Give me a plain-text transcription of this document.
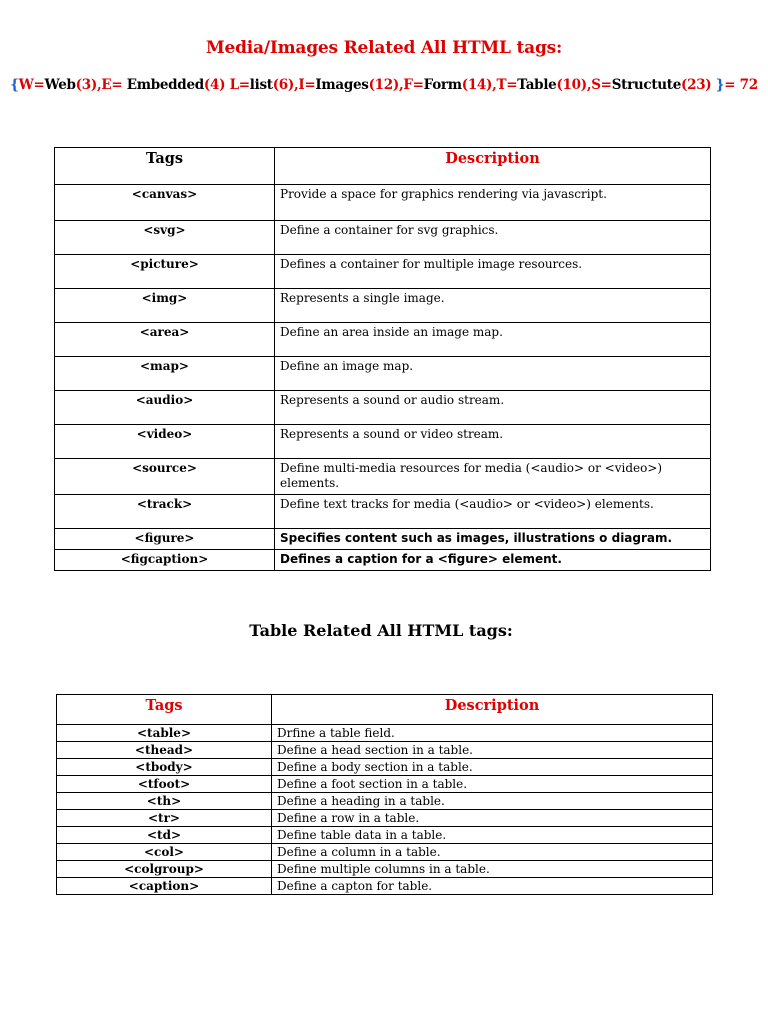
Media/Images Related All HTML tags:
{W=Web(3),E= Embedded(4) L=list(6),I=Images(12),F=Form(14),T=Table(10),S=Structute(23) }= 72
Tags	Description
<canvas>	Provide a space for graphics rendering via javascript.
<svg>	Define a container for svg graphics.
<picture>	Defines a container for multiple image resources.
<img>	Represents a single image.
<area>	Define an area inside an image map.
<map>	Define an image map.
<audio>	Represents a sound or audio stream.
<video>	Represents a sound or video stream.
<source>	Define multi-media resources for media (<audio> or <video>) elements.
<track>	Define text tracks for media (<audio> or <video>) elements.
<figure>	Specifies content such as images, illustrations o diagram.
<figcaption>	Defines a caption for a <figure> element.
Table Related All HTML tags:
Tags	Description
<table>	Drfine a table field.
<thead>	Define a head section in a table.
<tbody>	Define a body section in a table.
<tfoot>	Define a foot section in a table.
<th>	Define a heading in a table.
<tr>	Define a row in a table.
<td>	Define table data in a table.
<col>	Define a column in a table.
<colgroup>	Define multiple columns in a table.
<caption>	Define a capton for table.
